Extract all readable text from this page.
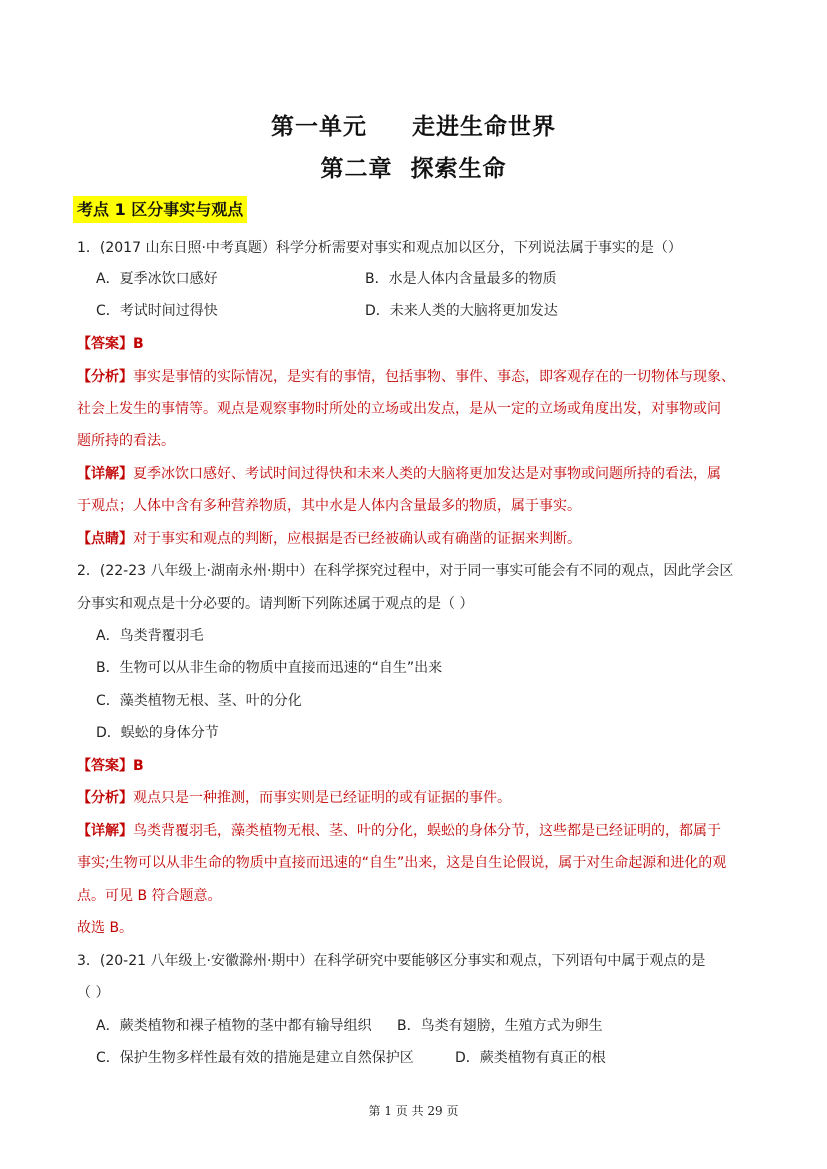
第一单元     走进生命世界
第二章  探索生命
考点 1 区分事实与观点
1．(2017 山东日照·中考真题）科学分析需要对事实和观点加以区分，下列说法属于事实的是（）
A．夏季冰饮口感好	B．水是人体内含量最多的物质
C．考试时间过得快	D．未来人类的大脑将更加发达
【答案】B
【分析】事实是事情的实际情况，是实有的事情，包括事物、事件、事态，即客观存在的一切物体与现象、
社会上发生的事情等。观点是观察事物时所处的立场或出发点，是从一定的立场或角度出发，对事物或问
题所持的看法。
【详解】夏季冰饮口感好、考试时间过得快和未来人类的大脑将更加发达是对事物或问题所持的看法，属
于观点；人体中含有多种营养物质，其中水是人体内含量最多的物质，属于事实。
【点睛】对于事实和观点的判断，应根据是否已经被确认或有确凿的证据来判断。
2．(22-23 八年级上·湖南永州·期中）在科学探究过程中，对于同一事实可能会有不同的观点，因此学会区
分事实和观点是十分必要的。请判断下列陈述属于观点的是（ ）
A．鸟类背覆羽毛
B．生物可以从非生命的物质中直接而迅速的“自生”出来
C．藻类植物无根、茎、叶的分化
D．蜈蚣的身体分节
【答案】B
【分析】观点只是一种推测，而事实则是已经证明的或有证据的事件。
【详解】鸟类背覆羽毛，藻类植物无根、茎、叶的分化，蜈蚣的身体分节，这些都是已经证明的，都属于
事实;生物可以从非生命的物质中直接而迅速的“自生”出来，这是自生论假说，属于对生命起源和进化的观
点。可见 B 符合题意。
故选 B。
3．(20-21 八年级上·安徽滁州·期中）在科学研究中要能够区分事实和观点，下列语句中属于观点的是
（ ）
A．蕨类植物和裸子植物的茎中都有输导组织 B．鸟类有翅膀，生殖方式为卵生
C．保护生物多样性最有效的措施是建立自然保护区	D．蕨类植物有真正的根
第 1 页 共 29 页
